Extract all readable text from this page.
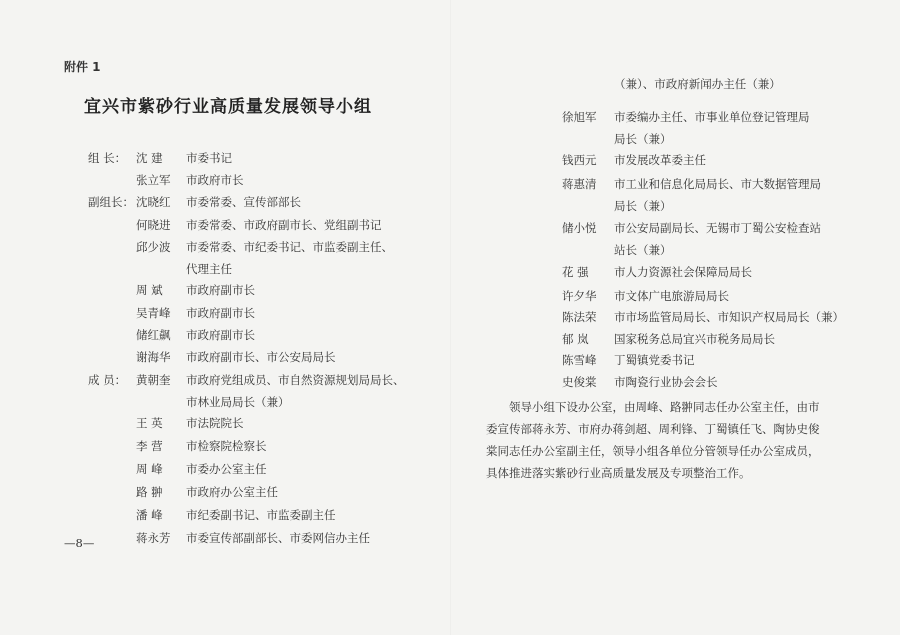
附件 1
宜兴市紫砂行业高质量发展领导小组
组 长： 沈 建	市委书记
张立军	市政府市长
副组长： 沈晓红	市委常委、宣传部部长
何晓进	市委常委、市政府副市长、党组副书记
邱少波	市委常委、市纪委书记、市监委副主任、
代理主任
周 斌	市政府副市长
吴青峰	市政府副市长
储红飙	市政府副市长
谢海华	市政府副市长、市公安局局长
成 员： 黄朝奎	市政府党组成员、市自然资源规划局局长、
市林业局局长（兼）
王 英	市法院院长
李 营	市检察院检察长
周 峰	市委办公室主任
路 翀	市政府办公室主任
潘 峰	市纪委副书记、市监委副主任
蒋永芳	市委宣传部副部长、市委网信办主任
（兼）、市政府新闻办主任（兼）
徐旭军	市委编办主任、市事业单位登记管理局
局长（兼）
钱西元	市发展改革委主任
蒋惠清	市工业和信息化局局长、市大数据管理局
局长（兼）
储小悦	市公安局副局长、无锡市丁蜀公安检查站
站长（兼）
花 强	市人力资源社会保障局局长
许夕华	市文体广电旅游局局长
陈法荣	市市场监管局局长、市知识产权局局长（兼）
郁 岚	国家税务总局宜兴市税务局局长
陈雪峰	丁蜀镇党委书记
史俊棠	市陶瓷行业协会会长
领导小组下设办公室，由周峰、路翀同志任办公室主任，由市委宣传部蒋永芳、市府办蒋剑超、周利锋、丁蜀镇任飞、陶协史俊棠同志任办公室副主任，领导小组各单位分管领导任办公室成员，具体推进落实紫砂行业高质量发展及专项整治工作。
—8—
